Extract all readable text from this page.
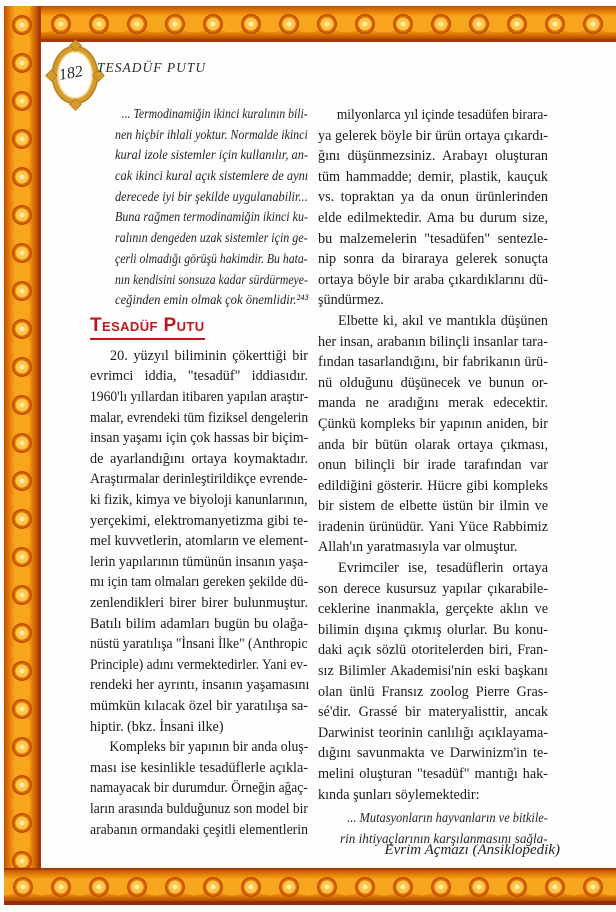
182 TESADÜF PUTU
... Termodinamiğin ikinci kuralının bili-
nen hiçbir ihlali yoktur. Normalde ikinci
kural izole sistemler için kullanılır, an-
cak ikinci kural açık sistemlere de aynı
derecede iyi bir şekilde uygulanabilir...
Buna rağmen termodinamiğin ikinci ku-
ralının dengeden uzak sistemler için ge-
çerli olmadığı görüşü hakimdir. Bu hata-
nın kendisini sonsuza kadar sürdürmeye-
ceğinden emin olmak çok önemlidir.²⁴³
Tesadüf Putu
20. yüzyıl biliminin çökerttiği bir
evrimci iddia, "tesadüf" iddiasıdır.
1960'lı yıllardan itibaren yapılan araştır-
malar, evrendeki tüm fiziksel dengelerin
insan yaşamı için çok hassas bir biçim-
de ayarlandığını ortaya koymaktadır.
Araştırmalar derinleştirildikçe evrende-
ki fizik, kimya ve biyoloji kanunlarının,
yerçekimi, elektromanyetizma gibi te-
mel kuvvetlerin, atomların ve element-
lerin yapılarının tümünün insanın yaşa-
mı için tam olmaları gereken şekilde dü-
zenlendikleri birer birer bulunmuştur.
Batılı bilim adamları bugün bu olağa-
nüstü yaratılışa "İnsani İlke" (Anthropic
Principle) adını vermektedirler. Yani ev-
rendeki her ayrıntı, insanın yaşamasını
mümkün kılacak özel bir yaratılışa sa-
hiptir. (bkz. İnsani ilke)
Kompleks bir yapının bir anda oluş-
ması ise kesinlikle tesadüflerle açıkla-
namayacak bir durumdur. Örneğin ağaç-
ların arasında bulduğunuz son model bir
arabanın ormandaki çeşitli elementlerin
milyonlarca yıl içinde tesadüfen birara-
ya gelerek böyle bir ürün ortaya çıkardı-
ğını düşünmezsiniz. Arabayı oluşturan
tüm hammadde; demir, plastik, kauçuk
vs. topraktan ya da onun ürünlerinden
elde edilmektedir. Ama bu durum size,
bu malzemelerin "tesadüfen" sentezle-
nip sonra da biraraya gelerek sonuçta
ortaya böyle bir araba çıkardıklarını dü-
şündürmez.
Elbette ki, akıl ve mantıkla düşünen
her insan, arabanın bilinçli insanlar tara-
fından tasarlandığını, bir fabrikanın ürü-
nü olduğunu düşünecek ve bunun or-
manda ne aradığını merak edecektir.
Çünkü kompleks bir yapının aniden, bir
anda bir bütün olarak ortaya çıkması,
onun bilinçli bir irade tarafından var
edildiğini gösterir. Hücre gibi kompleks
bir sistem de elbette üstün bir ilmin ve
iradenin ürünüdür. Yani Yüce Rabbimiz
Allah'ın yaratmasıyla var olmuştur.
Evrimciler ise, tesadüflerin ortaya
son derece kusursuz yapılar çıkarabile-
ceklerine inanmakla, gerçekte aklın ve
bilimin dışına çıkmış olurlar. Bu konu-
daki açık sözlü otoritelerden biri, Fran-
sız Bilimler Akademisi'nin eski başkanı
olan ünlü Fransız zoolog Pierre Gras-
sé'dir. Grassé bir materyalisttir, ancak
Darwinist teorinin canlılığı açıklayama-
dığını savunmakta ve Darwinizm'in te-
melini oluşturan "tesadüf" mantığı hak-
kında şunları söylemektedir:
... Mutasyonların hayvanların ve bitkile-
rin ihtiyaçlarının karşılanmasını sağla-
Evrim Açmazı (Ansiklopedik)
